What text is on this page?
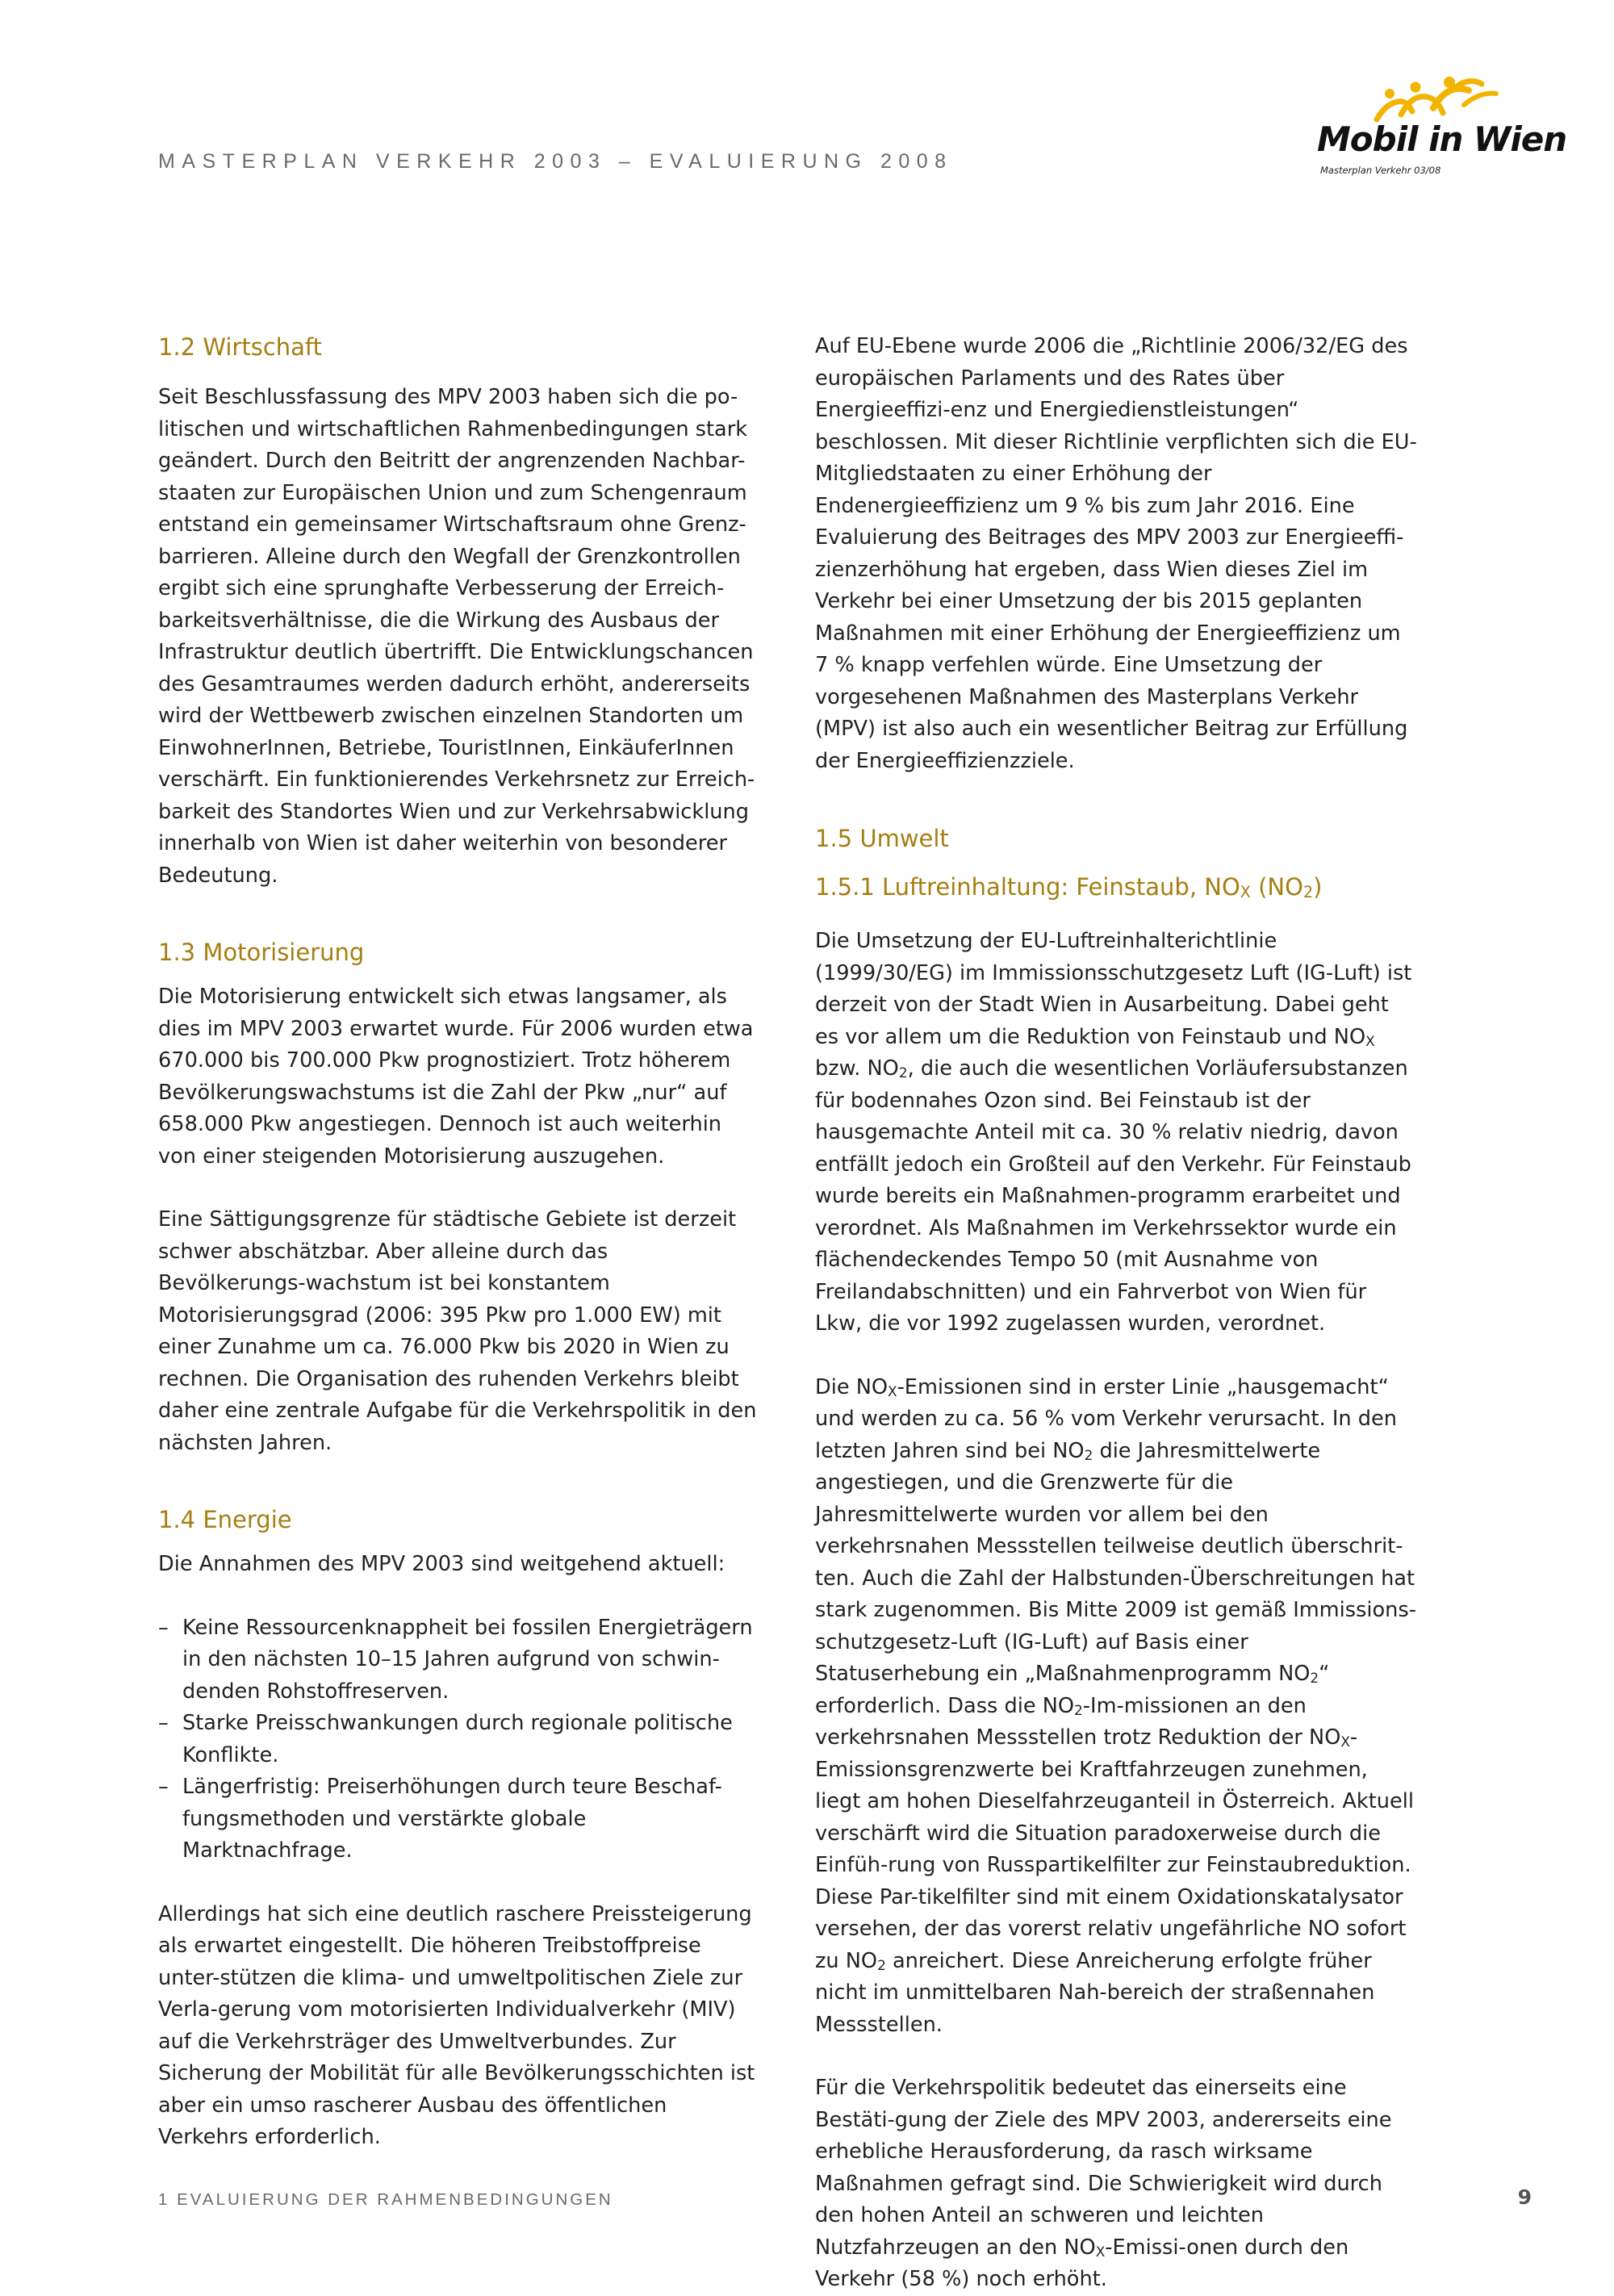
MASTERPLAN VERKEHR 2003 – EVALUIERUNG 2008
Mobil in Wien
Masterplan Verkehr 03/08
1.2 Wirtschaft

Seit Beschlussfassung des MPV 2003 haben sich die po-litischen und wirtschaftlichen Rahmenbedingungen stark geändert. Durch den Beitritt der angrenzenden Nachbar-staaten zur Europäischen Union und zum Schengenraum entstand ein gemeinsamer Wirtschaftsraum ohne Grenz-barrieren. Alleine durch den Wegfall der Grenzkontrollen ergibt sich eine sprunghafte Verbesserung der Erreich-barkeitsverhältnisse, die die Wirkung des Ausbaus der Infrastruktur deutlich übertrifft. Die Entwicklungschancen des Gesamtraumes werden dadurch erhöht, andererseits wird der Wettbewerb zwischen einzelnen Standorten um EinwohnerInnen, Betriebe, TouristInnen, EinkäuferInnen verschärft. Ein funktionierendes Verkehrsnetz zur Erreich-barkeit des Standortes Wien und zur Verkehrsabwicklung innerhalb von Wien ist daher weiterhin von besonderer Bedeutung.

1.3 Motorisierung

Die Motorisierung entwickelt sich etwas langsamer, als dies im MPV 2003 erwartet wurde. Für 2006 wurden etwa 670.000 bis 700.000 Pkw prognostiziert. Trotz höherem Bevölkerungswachstums ist die Zahl der Pkw „nur“ auf 658.000 Pkw angestiegen. Dennoch ist auch weiterhin von einer steigenden Motorisierung auszugehen.

Eine Sättigungsgrenze für städtische Gebiete ist derzeit schwer abschätzbar. Aber alleine durch das Bevölkerungs-wachstum ist bei konstantem Motorisierungsgrad (2006: 395 Pkw pro 1.000 EW) mit einer Zunahme um ca. 76.000 Pkw bis 2020 in Wien zu rechnen. Die Organisation des ruhenden Verkehrs bleibt daher eine zentrale Aufgabe für die Verkehrspolitik in den nächsten Jahren.

1.4 Energie

Die Annahmen des MPV 2003 sind weitgehend aktuell:

– Keine Ressourcenknappheit bei fossilen Energieträgern in den nächsten 10–15 Jahren aufgrund von schwin-denden Rohstoffreserven.
– Starke Preisschwankungen durch regionale politische Konflikte.
– Längerfristig: Preiserhöhungen durch teure Beschaf-fungsmethoden und verstärkte globale Marktnachfrage.

Allerdings hat sich eine deutlich raschere Preissteigerung als erwartet eingestellt. Die höheren Treibstoffpreise unter-stützen die klima- und umweltpolitischen Ziele zur Verla-gerung vom motorisierten Individualverkehr (MIV) auf die Verkehrsträger des Umweltverbundes. Zur Sicherung der Mobilität für alle Bevölkerungsschichten ist aber ein umso rascherer Ausbau des öffentlichen Verkehrs erforderlich.

Auf EU-Ebene wurde 2006 die „Richtlinie 2006/32/EG des europäischen Parlaments und des Rates über Energieeffizi-enz und Energiedienstleistungen“ beschlossen. Mit dieser Richtlinie verpflichten sich die EU-Mitgliedstaaten zu einer Erhöhung der Endenergieeffizienz um 9 % bis zum Jahr 2016. Eine Evaluierung des Beitrages des MPV 2003 zur Energieeffi-zienzerhöhung hat ergeben, dass Wien dieses Ziel im Verkehr bei einer Umsetzung der bis 2015 geplanten Maßnahmen mit einer Erhöhung der Energieeffizienz um 7 % knapp verfehlen würde. Eine Umsetzung der vorgesehenen Maßnahmen des Masterplans Verkehr (MPV) ist also auch ein wesentlicher Beitrag zur Erfüllung der Energieeffizienzziele.

1.5 Umwelt
1.5.1 Luftreinhaltung: Feinstaub, $NO_X$ $(NO_2)$

Die Umsetzung der EU-Luftreinhalterichtlinie (1999/30/EG) im Immissionsschutzgesetz Luft (IG-Luft) ist derzeit von der Stadt Wien in Ausarbeitung. Dabei geht es vor allem um die Reduktion von Feinstaub und $NO_X$ bzw. $NO_2$, die auch die wesentlichen Vorläufersubstanzen für bodennahes Ozon sind. Bei Feinstaub ist der hausgemachte Anteil mit ca. 30 % relativ niedrig, davon entfällt jedoch ein Großteil auf den Verkehr. Für Feinstaub wurde bereits ein Maßnahmen-programm erarbeitet und verordnet. Als Maßnahmen im Verkehrssektor wurde ein flächendeckendes Tempo 50 (mit Ausnahme von Freilandabschnitten) und ein Fahrverbot von Wien für Lkw, die vor 1992 zugelassen wurden, verordnet.

Die $NO_X$-Emissionen sind in erster Linie „hausgemacht“ und werden zu ca. 56 % vom Verkehr verursacht. In den letzten Jahren sind bei $NO_2$ die Jahresmittelwerte angestiegen, und die Grenzwerte für die Jahresmittelwerte wurden vor allem bei den verkehrsnahen Messstellen teilweise deutlich überschrit-ten. Auch die Zahl der Halbstunden-Überschreitungen hat stark zugenommen. Bis Mitte 2009 ist gemäß Immissions-schutzgesetz-Luft (IG-Luft) auf Basis einer Statuserhebung ein „Maßnahmenprogramm $NO_2“$ erforderlich. Dass die $NO_2-Im$-missionen an den verkehrsnahen Messstellen trotz Reduktion der $NO_X$-Emissionsgrenzwerte bei Kraftfahrzeugen zunehmen, liegt am hohen Dieselfahrzeuganteil in Österreich. Aktuell verschärft wird die Situation paradoxerweise durch die Einfüh-rung von Russpartikelfilter zur Feinstaubreduktion. Diese Par-tikelfilter sind mit einem Oxidationskatalysator versehen, der das vorerst relativ ungefährliche NO sofort zu $NO_2$ anreichert. Diese Anreicherung erfolgte früher nicht im unmittelbaren Nah-bereich der straßennahen Messstellen.

Für die Verkehrspolitik bedeutet das einerseits eine Bestäti-gung der Ziele des MPV 2003, andererseits eine erhebliche Herausforderung, da rasch wirksame Maßnahmen gefragt sind. Die Schwierigkeit wird durch den hohen Anteil an schweren und leichten Nutzfahrzeugen an den $NO_X-Emissi$-onen durch den Verkehr (58 %) noch erhöht.

1 EVALUIERUNG DER RAHMENBEDINGUNGEN	9
